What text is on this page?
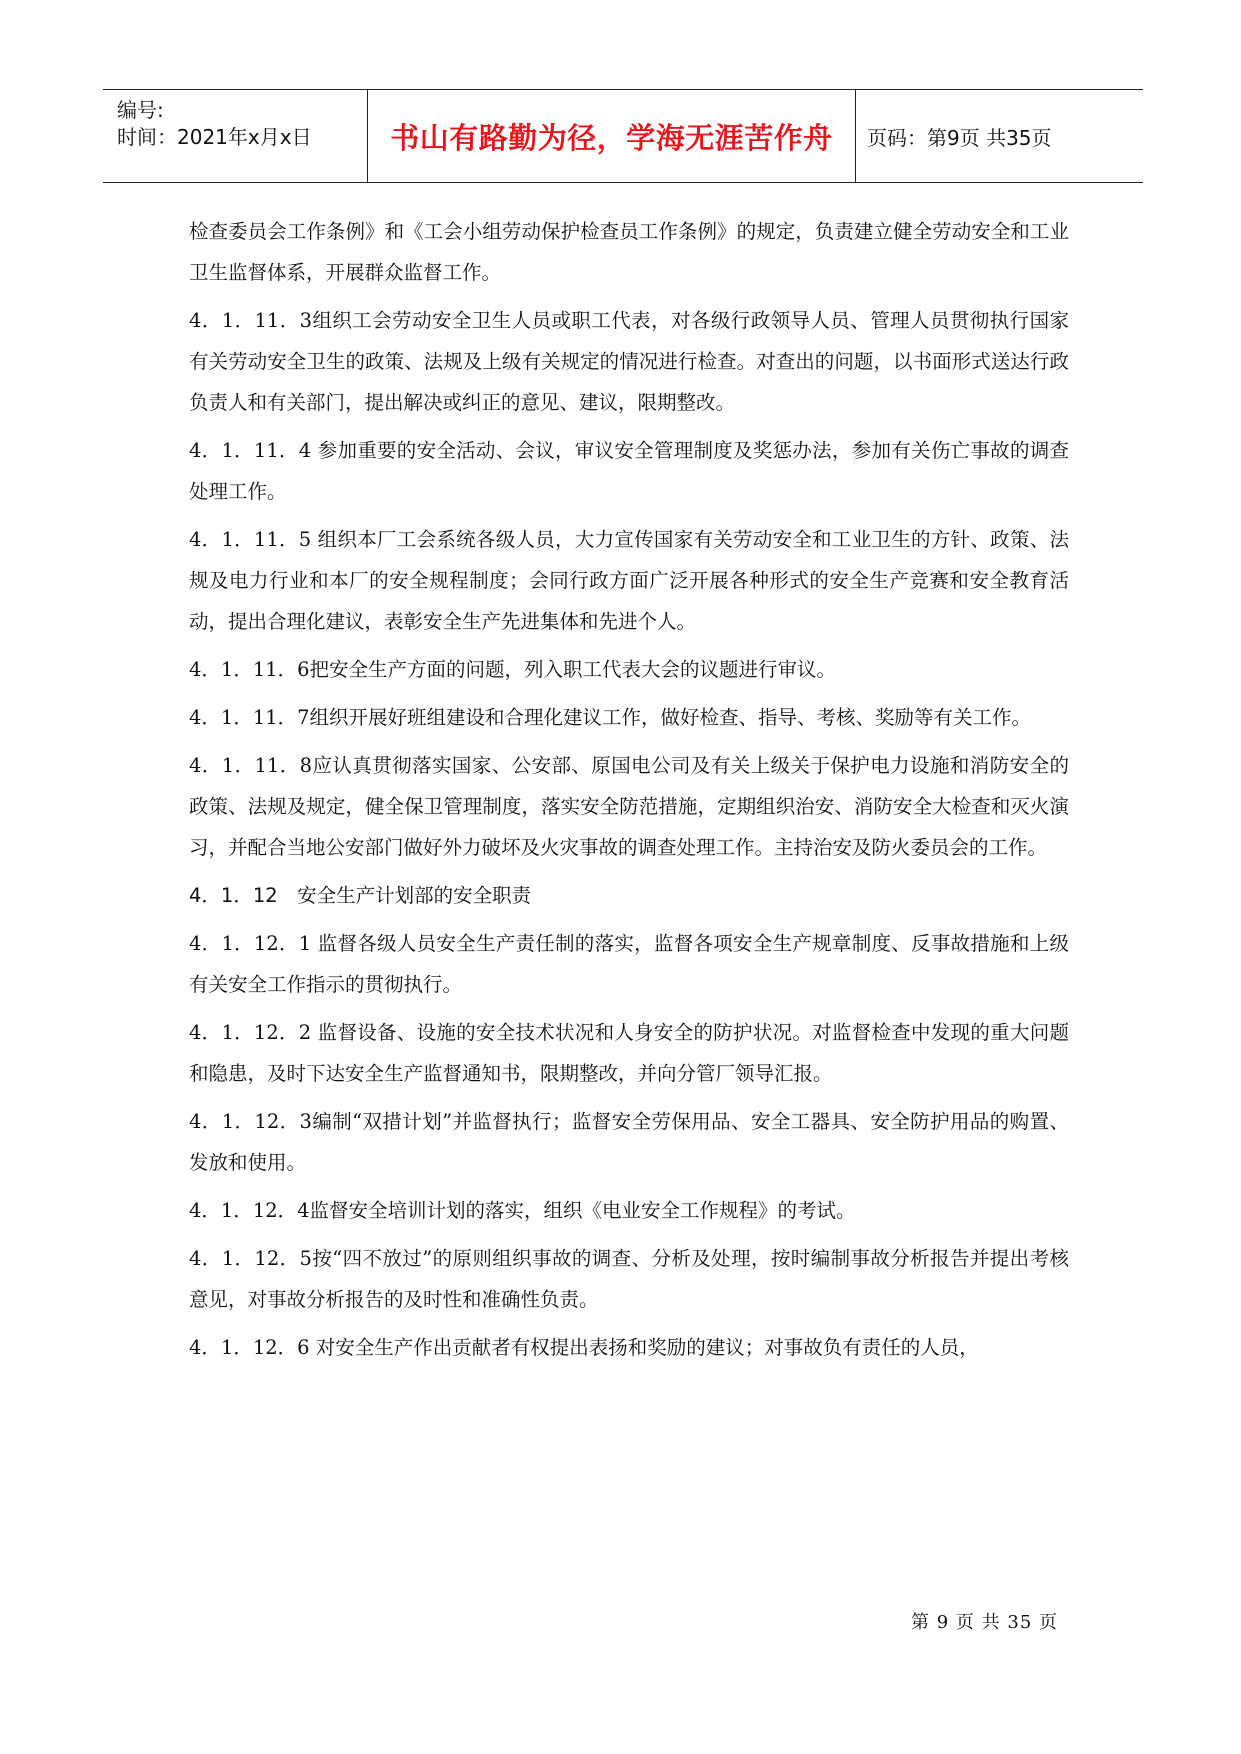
编号:
时间：2021年x月x日	书山有路勤为径，学海无涯苦作舟	页码：第9页 共35页

检查委员会工作条例》和《工会小组劳动保护检查员工作条例》的规定，负责建立健全劳动安全和工业卫生监督体系，开展群众监督工作。

4．1．11．3组织工会劳动安全卫生人员或职工代表，对各级行政领导人员、管理人员贯彻执行国家有关劳动安全卫生的政策、法规及上级有关规定的情况进行检查。对查出的问题，以书面形式送达行政负责人和有关部门，提出解决或纠正的意见、建议，限期整改。

4．1．11．4 参加重要的安全活动、会议，审议安全管理制度及奖惩办法，参加有关伤亡事故的调查处理工作。

4．1．11．5 组织本厂工会系统各级人员，大力宣传国家有关劳动安全和工业卫生的方针、政策、法规及电力行业和本厂的安全规程制度；会同行政方面广泛开展各种形式的安全生产竞赛和安全教育活动，提出合理化建议，表彰安全生产先进集体和先进个人。

4．1．11．6把安全生产方面的问题，列入职工代表大会的议题进行审议。

4．1．11．7组织开展好班组建设和合理化建议工作，做好检查、指导、考核、奖励等有关工作。

4．1．11．8应认真贯彻落实国家、公安部、原国电公司及有关上级关于保护电力设施和消防安全的政策、法规及规定，健全保卫管理制度，落实安全防范措施，定期组织治安、消防安全大检查和灭火演习，并配合当地公安部门做好外力破坏及火灾事故的调查处理工作。主持治安及防火委员会的工作。

4．1．12　安全生产计划部的安全职责

4．1．12．1 监督各级人员安全生产责任制的落实，监督各项安全生产规章制度、反事故措施和上级有关安全工作指示的贯彻执行。

4．1．12．2 监督设备、设施的安全技术状况和人身安全的防护状况。对监督检查中发现的重大问题和隐患，及时下达安全生产监督通知书，限期整改，并向分管厂领导汇报。

4．1．12．3编制“双措计划”并监督执行；监督安全劳保用品、安全工器具、安全防护用品的购置、发放和使用。

4．1．12．4监督安全培训计划的落实，组织《电业安全工作规程》的考试。

4．1．12．5按“四不放过”的原则组织事故的调查、分析及处理，按时编制事故分析报告并提出考核意见，对事故分析报告的及时性和准确性负责。

4．1．12．6 对安全生产作出贡献者有权提出表扬和奖励的建议；对事故负有责任的人员，

第 9 页 共 35 页
